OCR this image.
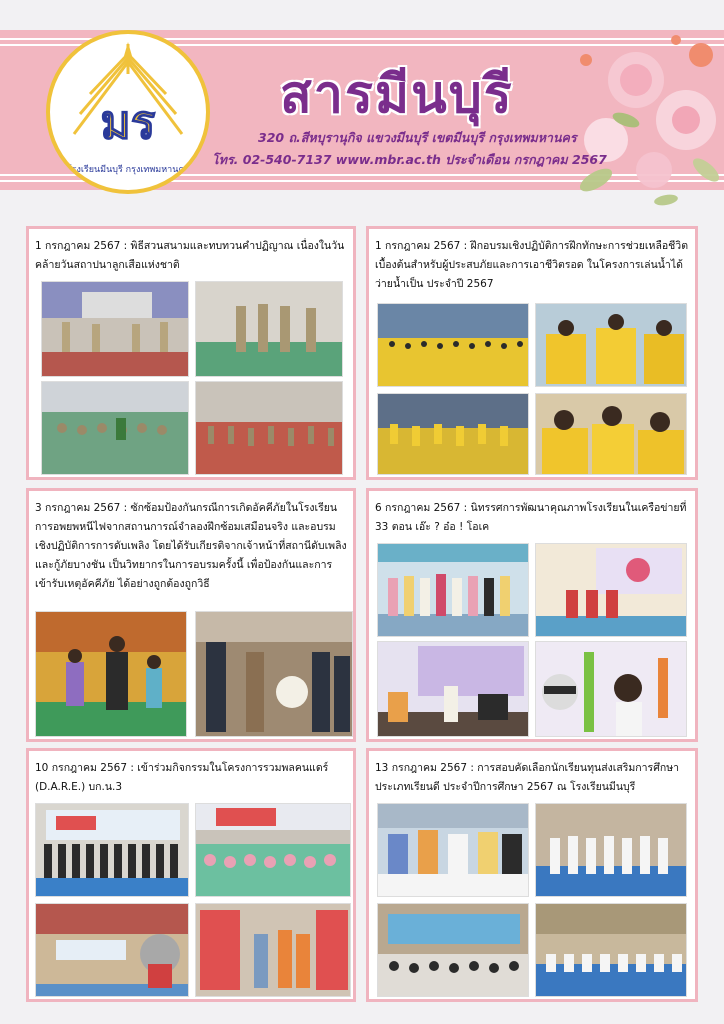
มร
โรงเรียนมีนบุรี กรุงเทพมหานคร
สารมีนบุรี
320 ถ.สีหบุรานุกิจ แขวงมีนบุรี เขตมีนบุรี กรุงเทพมหานคร
โทร. 02-540-7137 www.mbr.ac.th ประจำเดือน กรกฎาคม 2567
1 กรกฎาคม 2567 : พิธีสวนสนามและทบทวนคำปฏิญาณ เนื่องในวันคล้ายวันสถาปนาลูกเสือแห่งชาติ
1 กรกฎาคม 2567 : ฝึกอบรมเชิงปฏิบัติการฝึกทักษะการช่วยเหลือชีวิตเบื้องต้นสำหรับผู้ประสบภัยและการเอาชีวิตรอด ในโครงการเล่นน้ำได้ว่ายน้ำเป็น ประจำปี 2567
3 กรกฎาคม 2567 : ซักซ้อมป้องกันกรณีการเกิดอัคคีภัยในโรงเรียน การอพยพหนีไฟจากสถานการณ์จำลองฝึกซ้อมเสมือนจริง และอบรมเชิงปฏิบัติการการดับเพลิง โดยได้รับเกียรติจากเจ้าหน้าที่สถานีดับเพลิงและกู้ภัยบางชัน เป็นวิทยากรในการอบรมครั้งนี้ เพื่อป้องกันและการเข้ารับเหตุอัคคีภัย ได้อย่างถูกต้องถูกวิธี
6 กรกฎาคม 2567 : นิทรรศการพัฒนาคุณภาพโรงเรียนในเครือข่ายที่ 33 ตอน เอ๊ะ ? อ๋อ ! โอเค
10 กรกฎาคม 2567 : เข้าร่วมกิจกรรมในโครงการรวมพลคนแดร์ (D.A.R.E.) บก.น.3
13 กรกฎาคม 2567 : การสอบคัดเลือกนักเรียนทุนส่งเสริมการศึกษาประเภทเรียนดี ประจำปีการศึกษา 2567 ณ โรงเรียนมีนบุรี
